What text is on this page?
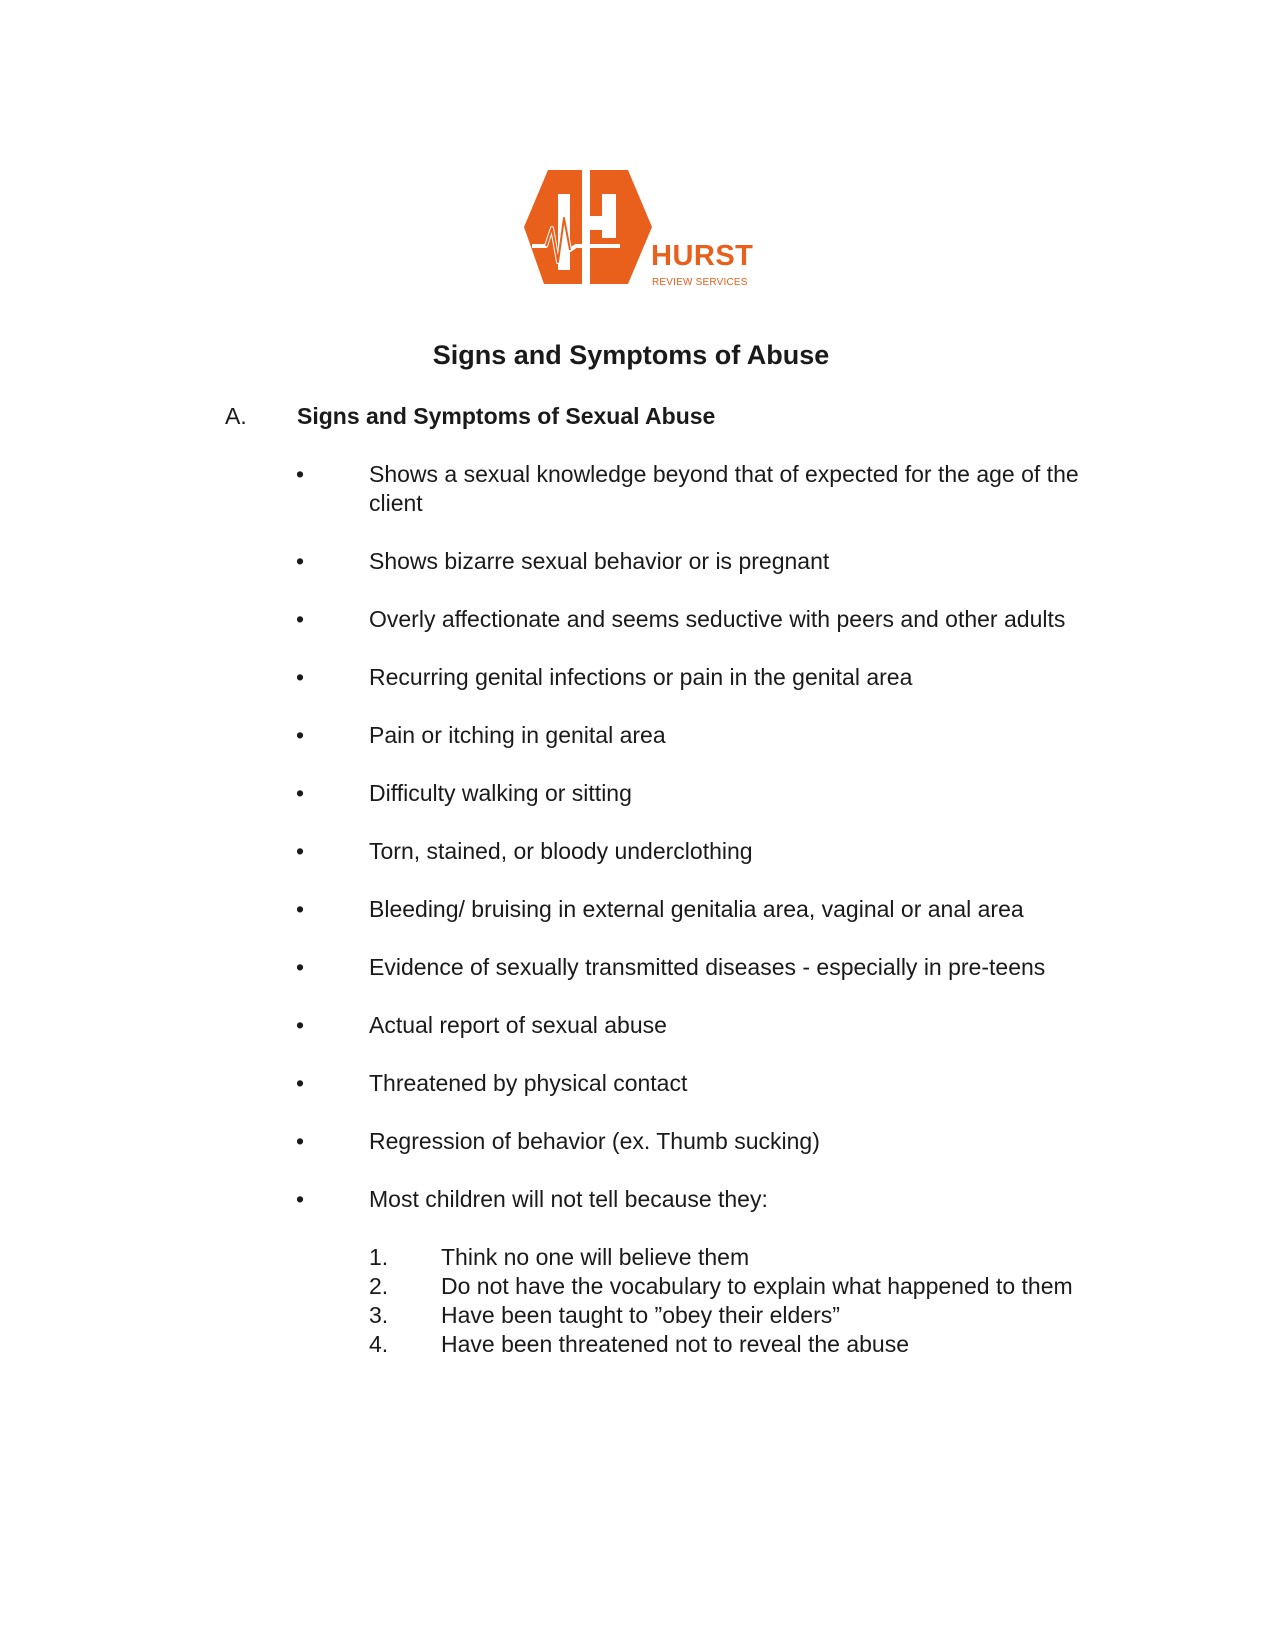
HURST
REVIEW SERVICES
Signs and Symptoms of Abuse
A. Signs and Symptoms of Sexual Abuse
•	Shows a sexual knowledge beyond that of expected for the age of the client
•	Shows bizarre sexual behavior or is pregnant
•	Overly affectionate and seems seductive with peers and other adults
•	Recurring genital infections or pain in the genital area
•	Pain or itching in genital area
•	Difficulty walking or sitting
•	Torn, stained, or bloody underclothing
•	Bleeding/ bruising in external genitalia area, vaginal or anal area
•	Evidence of sexually transmitted diseases - especially in pre-teens
•	Actual report of sexual abuse
•	Threatened by physical contact
•	Regression of behavior (ex. Thumb sucking)
•	Most children will not tell because they:
1. Think no one will believe them
2. Do not have the vocabulary to explain what happened to them
3. Have been taught to ”obey their elders”
4. Have been threatened not to reveal the abuse
